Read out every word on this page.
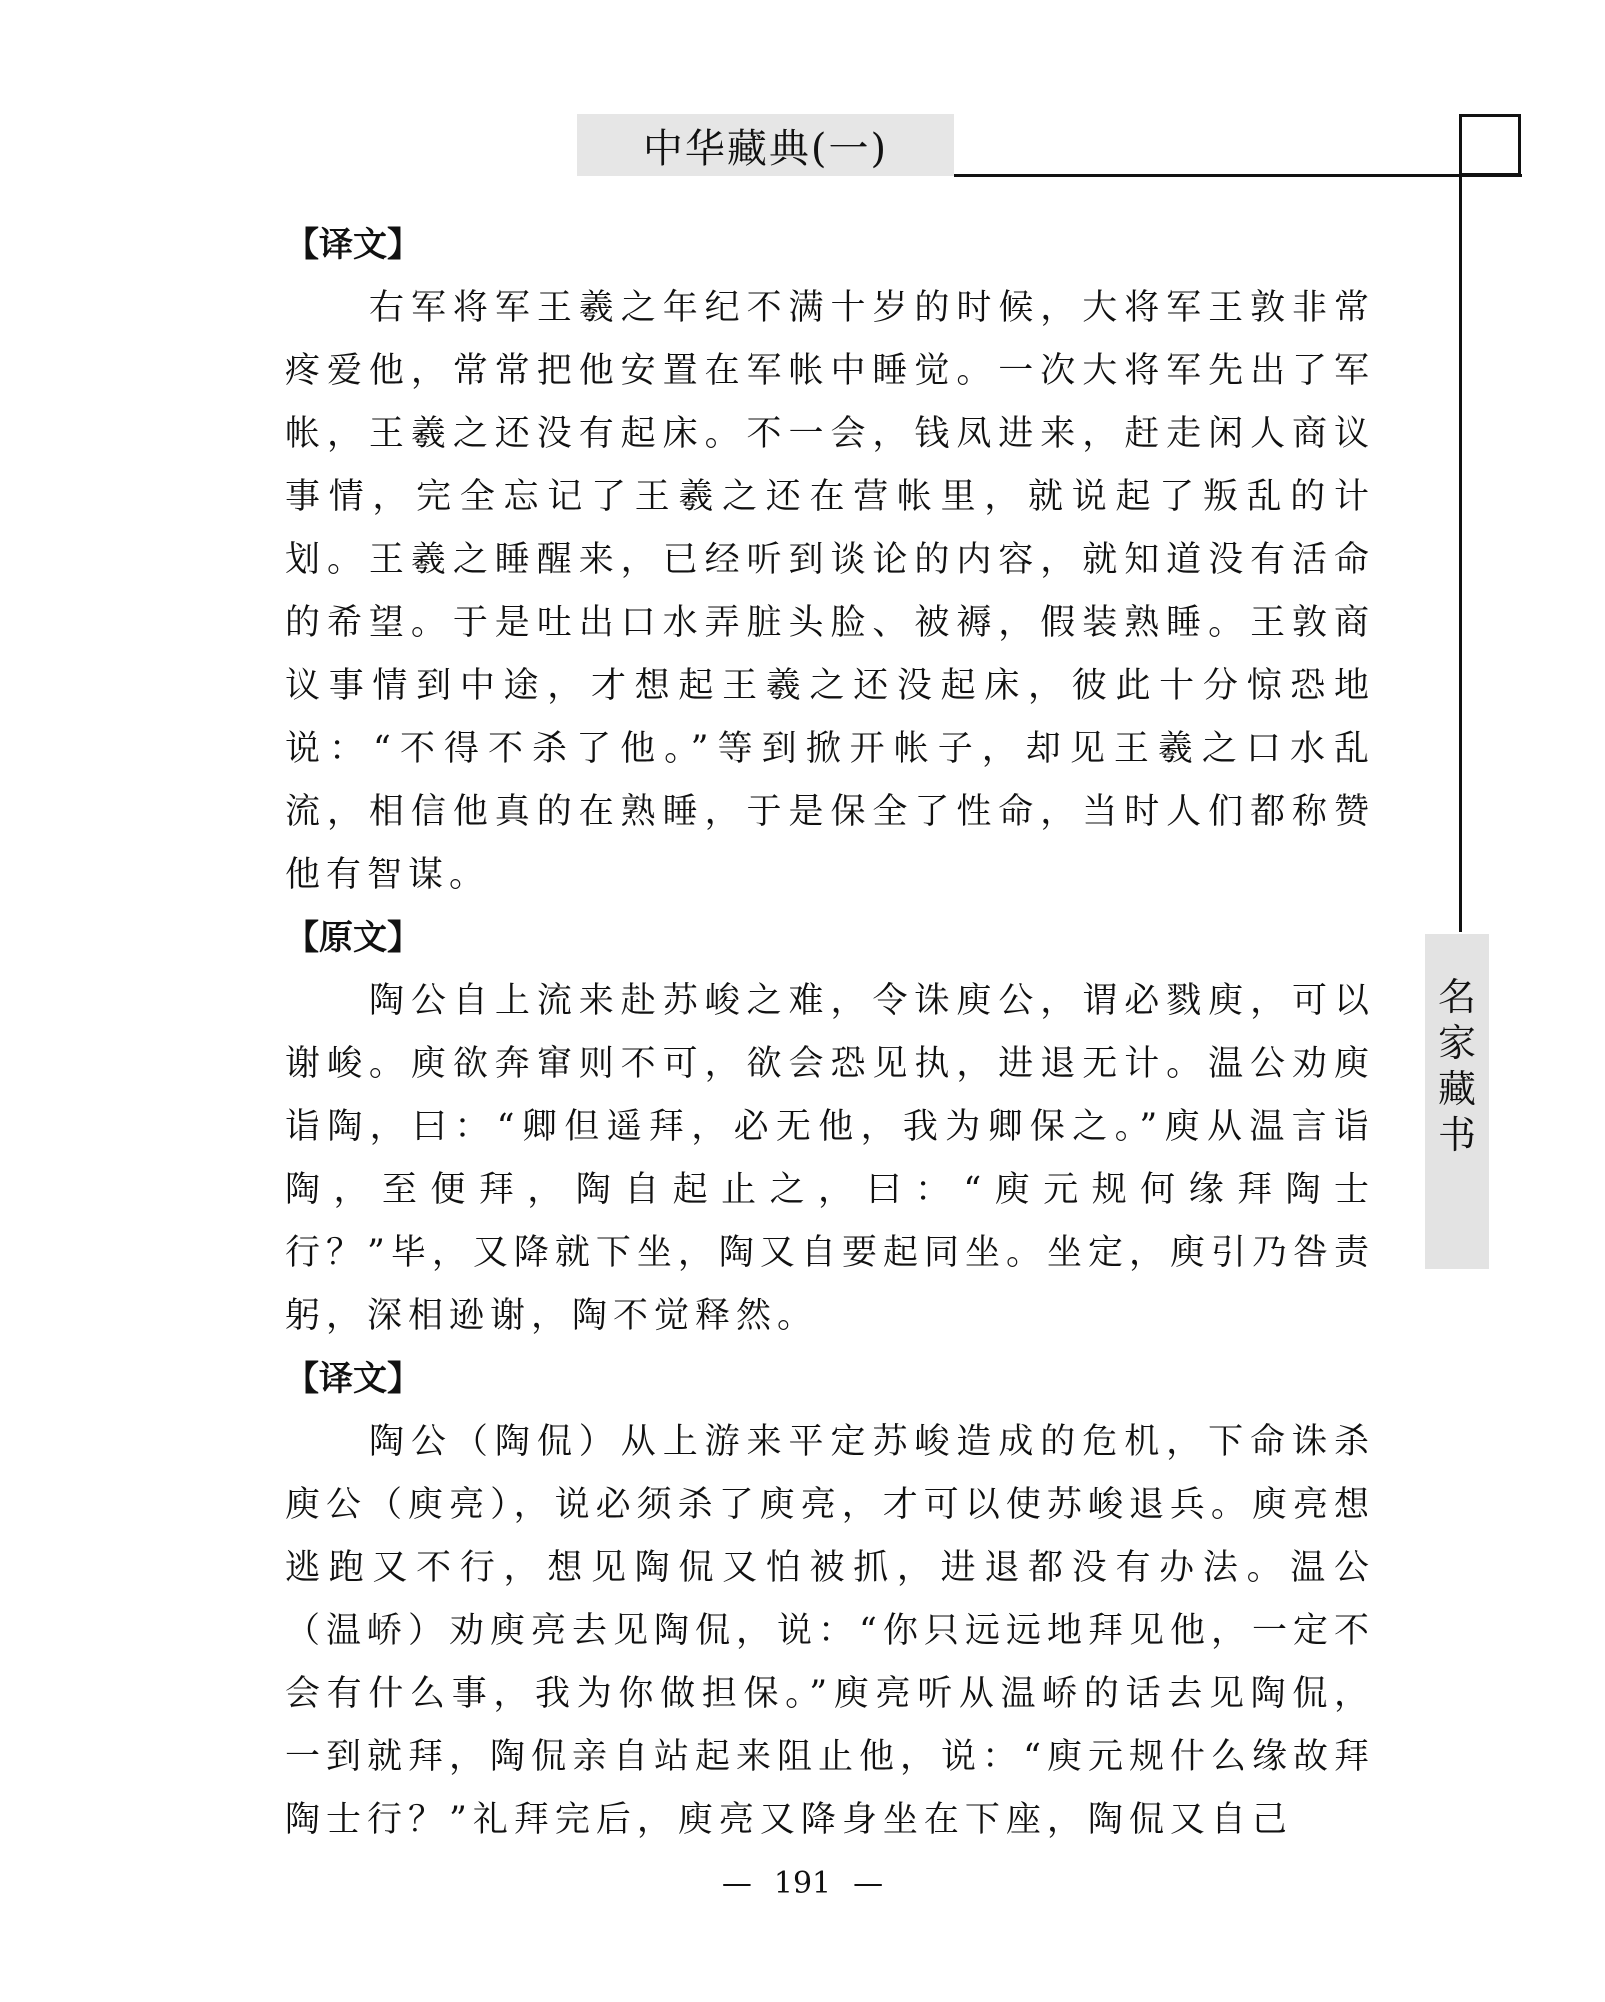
中华藏典(一)
名
家
藏
书
【译文】

右军将军王羲之年纪不满十岁的时候，大将军王敦非常疼爱他，常常把他安置在军帐中睡觉。一次大将军先出了军帐，王羲之还没有起床。不一会，钱凤进来，赶走闲人商议事情，完全忘记了王羲之还在营帐里，就说起了叛乱的计划。王羲之睡醒来，已经听到谈论的内容，就知道没有活命的希望。于是吐出口水弄脏头脸、被褥，假装熟睡。王敦商议事情到中途，才想起王羲之还没起床，彼此十分惊恐地说：“不得不杀了他。”等到掀开帐子，却见王羲之口水乱流，相信他真的在熟睡，于是保全了性命，当时人们都称赞他有智谋。

【原文】

陶公自上流来赴苏峻之难，令诛庾公，谓必戮庾，可以谢峻。庾欲奔窜则不可，欲会恐见执，进退无计。温公劝庾诣陶，曰：“卿但遥拜，必无他，我为卿保之。”庾从温言诣陶，至便拜，陶自起止之，曰：“庾元规何缘拜陶士行？”毕，又降就下坐，陶又自要起同坐。坐定，庾引乃咎责躬，深相逊谢，陶不觉释然。

【译文】

陶公（陶侃）从上游来平定苏峻造成的危机，下命诛杀庾公（庾亮），说必须杀了庾亮，才可以使苏峻退兵。庾亮想逃跑又不行，想见陶侃又怕被抓，进退都没有办法。温公（温峤）劝庾亮去见陶侃，说：“你只远远地拜见他，一定不会有什么事，我为你做担保。”庾亮听从温峤的话去见陶侃，一到就拜，陶侃亲自站起来阻止他，说：“庾元规什么缘故拜陶士行？”礼拜完后，庾亮又降身坐在下座，陶侃又自己

— 191 —
